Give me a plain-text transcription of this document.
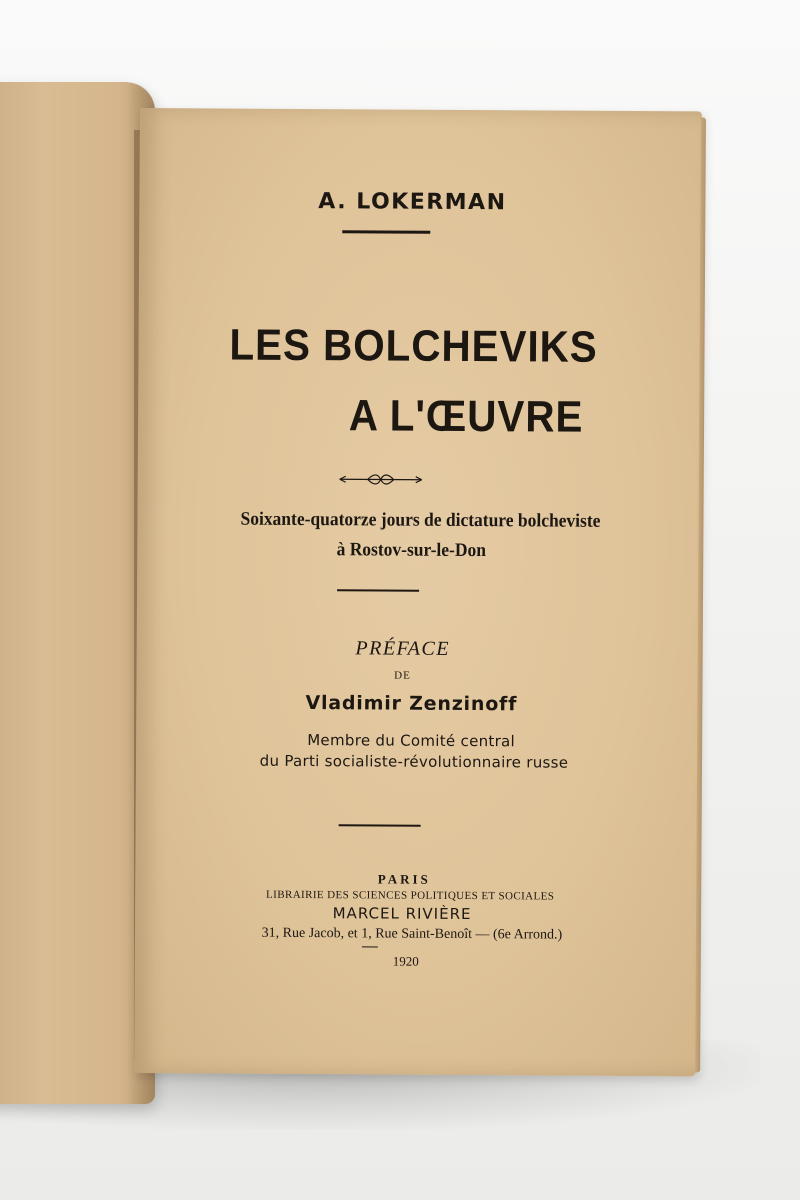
A. LOKERMAN
LES BOLCHEVIKS
A L'ŒUVRE
Soixante-quatorze jours de dictature bolcheviste
à Rostov-sur-le-Don
PRÉFACE
DE
Vladimir Zenzinoff
Membre du Comité central
du Parti socialiste-révolutionnaire russe
PARIS
LIBRAIRIE DES SCIENCES POLITIQUES ET SOCIALES
MARCEL RIVIÈRE
31, Rue Jacob, et 1, Rue Saint-Benoît — (6e Arrond.)
1920
